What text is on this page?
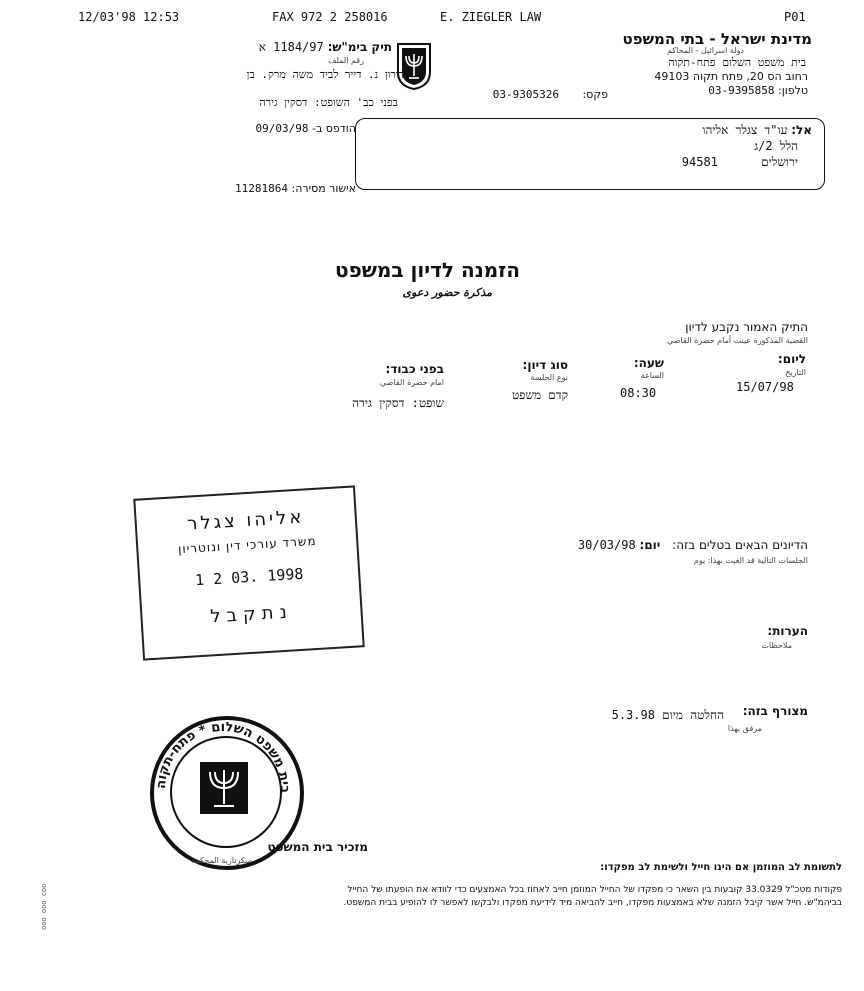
12/03'98 12:53	FAX 972 2 258016	E. ZIEGLER LAW	P01
מדינת ישראל - בתי המשפט
دولة اسرائيل - المحاكم
בית משפט השלום פתח-תקוה
רחוב הס 20, פתח תקוה 49103
טלפון: 03-9395858
פקס: 03-9305326
תיק בימ"ש: 1184/97 א
رقم الملف
דורון נ. דייר לביד משה מרק. בן
בפני כב' השופט: דסקין גירה
הודפס ב- 09/03/98
אישור מסירה: 11281864
אל: עו"ד צגלר אליהו
הלל 2/ג
ירושלים 94581
הזמנה לדיון במשפט
مذكرة حضور دعوى
התיק האמור נקבע לדיון
القضية المذكورة عينت أمام حضرة القاضي
ליום:
التاريخ
15/07/98
שעה:
الساعة
08:30
סוג דיון:
نوع الجلسة
קדם משפט
בפני כבוד:
امام حضرة القاضي
שופט: דסקין גירה
אליהו צגלר
משרד עורכי דין ונוטריון
1 2 03. 1998
נתקבל
הדיונים הבאים בטלים בזה: יום: 30/03/98
الجلسات التالية قد الغيت بهذا: يوم
הערות:
ملاحظات
מצורף בזה:
החלטה מיום 5.3.98
مرفق بهذا
בית משפט השלום * פתח-תקוה
מזכיר בית המשפט
سكرتارية المحكمة
לתשומת לב המוזמן אם הינו חייל ולשימת לב מפקדו:
פקודות מטכ"ל 33.0329 קובעות בין השאר כי מפקדו של החייל המוזמן חייב לאחוז בכל האמצעים כדי לוודא את הופעתו של החייל
בביהמ"ש. חייל אשר קיבל הזמנה שלא באמצעות מפקדו, חייב להביאה מיד לידיעת מפקדו ולבקשו לאפשר לו להופיע בבית המשפט.
ooo ooo coo
